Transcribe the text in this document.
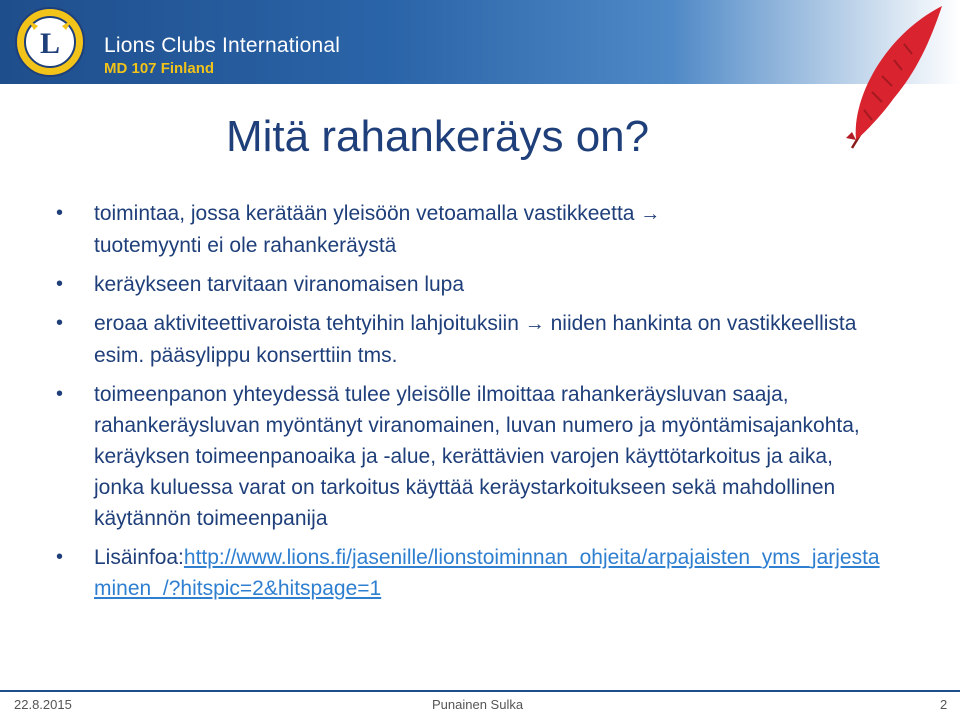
L Lions Clubs International
MD 107 Finland
Mitä rahankeräys on?
• toimintaa, jossa kerätään yleisöön vetoamalla vastikkeetta →
tuotemyynti ei ole rahankeräystä
• keräykseen tarvitaan viranomaisen lupa
• eroaa aktiviteettivaroista tehtyihin lahjoituksiin → niiden hankinta on vastikkeellista esim. pääsylippu konserttiin tms.
• toimeenpanon yhteydessä tulee yleisölle ilmoittaa rahankeräysluvan saaja, rahankeräysluvan myöntänyt viranomainen, luvan numero ja myöntämisajankohta, keräyksen toimeenpanoaika ja -alue, kerättävien varojen käyttötarkoitus ja aika, jonka kuluessa varat on tarkoitus käyttää keräystarkoitukseen sekä mahdollinen käytännön toimeenpanija
• Lisäinfoa:http://www.lions.fi/jasenille/lionstoiminnan_ohjeita/arpajaisten_yms_jarjestaminen_/?hitspic=2&hitspage=1
22.8.2015	Punainen Sulka	2
